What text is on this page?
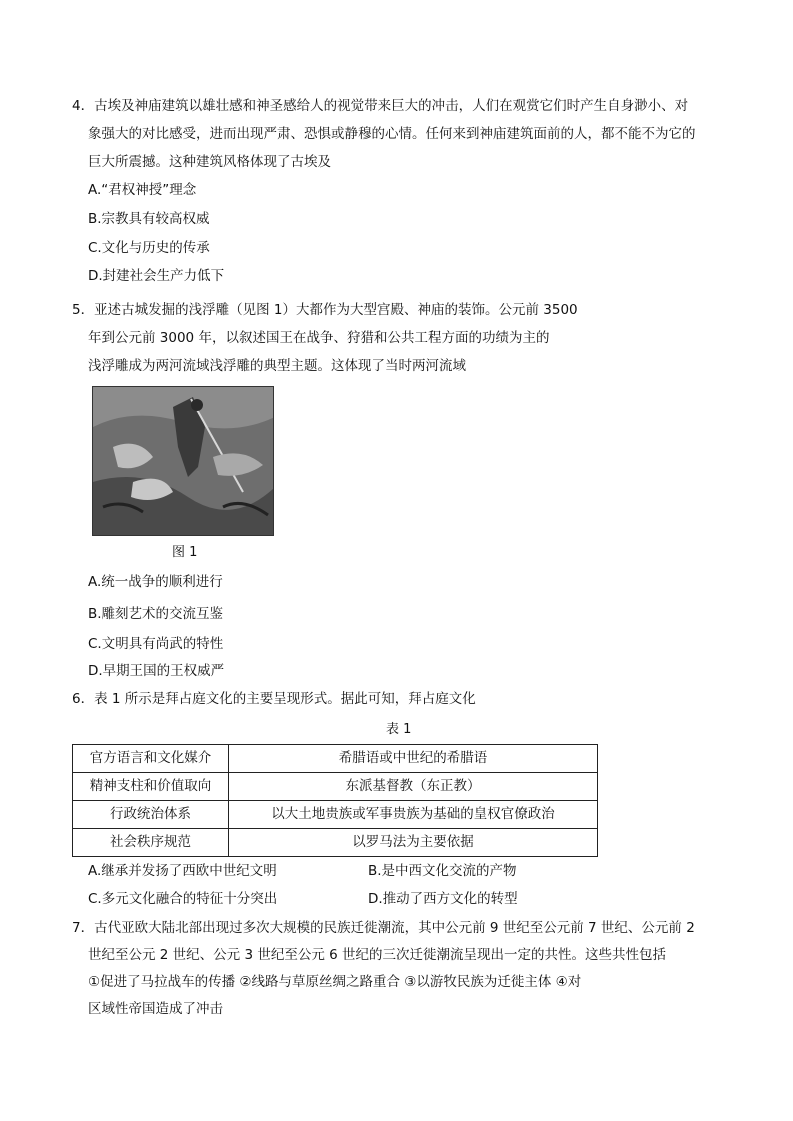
4．古埃及神庙建筑以雄壮感和神圣感给人的视觉带来巨大的冲击，人们在观赏它们时产生自身渺小、对
象强大的对比感受，进而出现严肃、恐惧或静穆的心情。任何来到神庙建筑面前的人，都不能不为它的
巨大所震撼。这种建筑风格体现了古埃及
A.“君权神授”理念
B.宗教具有较高权威
C.文化与历史的传承
D.封建社会生产力低下
5．亚述古城发掘的浅浮雕（见图 1）大都作为大型宫殿、神庙的装饰。公元前 3500
年到公元前 3000 年，以叙述国王在战争、狩猎和公共工程方面的功绩为主的
浅浮雕成为两河流域浅浮雕的典型主题。这体现了当时两河流域
图 1
A.统一战争的顺利进行
B.雕刻艺术的交流互鉴
C.文明具有尚武的特性
D.早期王国的王权威严
6．表 1 所示是拜占庭文化的主要呈现形式。据此可知，拜占庭文化
表 1
官方语言和文化媒介	希腊语或中世纪的希腊语
精神支柱和价值取向	东派基督教（东正教）
行政统治体系	以大土地贵族或军事贵族为基础的皇权官僚政治
社会秩序规范	以罗马法为主要依据
A.继承并发扬了西欧中世纪文明	B.是中西文化交流的产物
C.多元文化融合的特征十分突出	D.推动了西方文化的转型
7．古代亚欧大陆北部出现过多次大规模的民族迁徙潮流，其中公元前 9 世纪至公元前 7 世纪、公元前 2
世纪至公元 2 世纪、公元 3 世纪至公元 6 世纪的三次迁徙潮流呈现出一定的共性。这些共性包括
①促进了马拉战车的传播 ②线路与草原丝绸之路重合 ③以游牧民族为迁徙主体 ④对
区域性帝国造成了冲击
